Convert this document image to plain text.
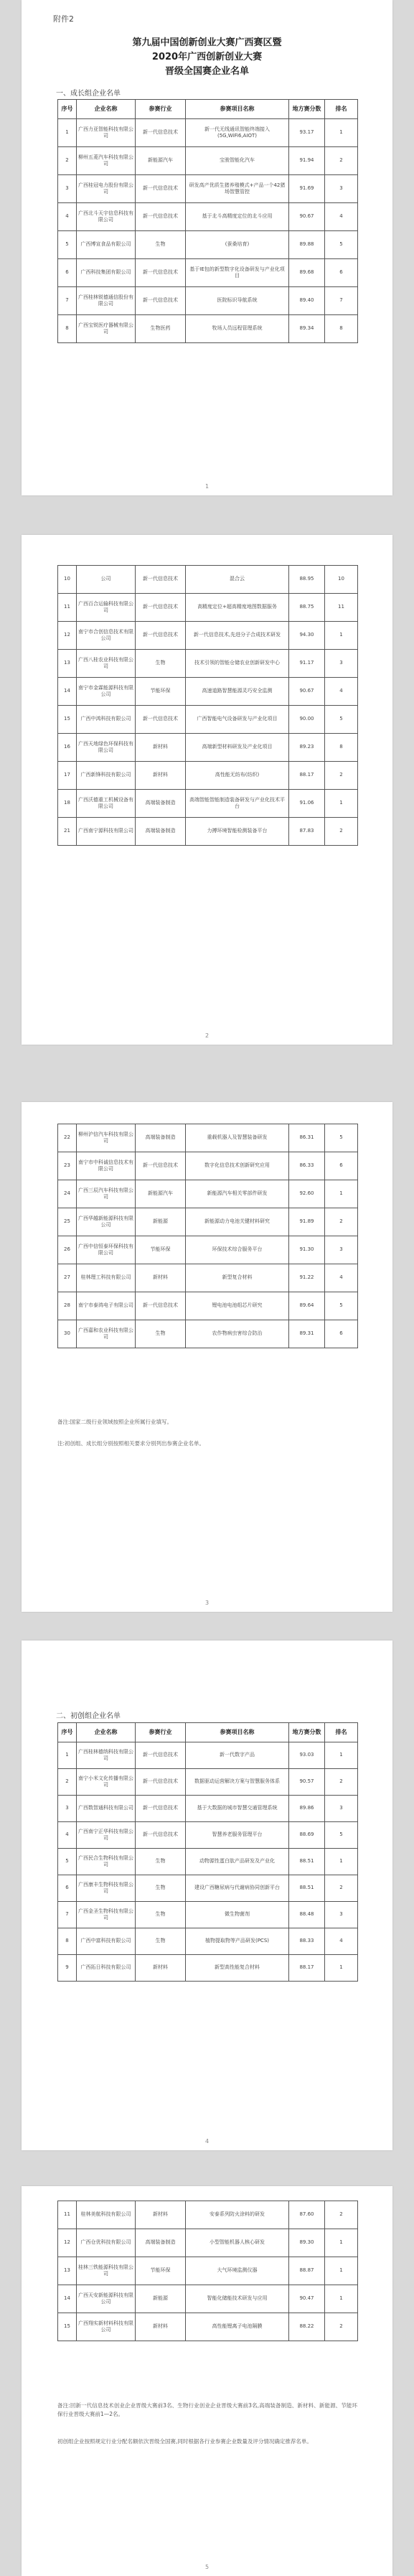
附件2
第九届中国创新创业大赛广西赛区暨
2020年广西创新创业大赛
晋级全国赛企业名单
一、成长组企业名单
序号	企业名称	参赛行业	参赛项目名称	地方赛分数	排名
1	广西力亚智能科技有限公司	新一代信息技术	新一代无线通讯智能终端接入(5G,WiFi6,AIOT)	93.17	1
2	柳州五菱汽车科技有限公司	新能源汽车	宝骏智能化汽车	91.94	2
3	广西桂冠电力股份有限公司	新一代信息技术	研发高产优质生猪养殖模式+产品一个42猪场智慧管控	91.69	3
4	广西北斗天宇信息科技有限公司	新一代信息技术	基于北斗高精度定位的北斗应用	90.67	4
5	广西博宣食品有限公司	生物	(蚕桑培育)	89.88	5
6	广西科技集团有限公司	新一代信息技术	基于IE包的新型数字化设备研发与产业化项目	89.68	6
7	广西桂林锐德通信股份有限公司	新一代信息技术	医院标识导航系统	89.40	7
8	广西宝锐医疗器械有限公司	生物医药	牧场人员远程管理系统	89.34	8
1
10	公司	新一代信息技术	混合云	88.95	10
11	广西百合运输科技有限公司	新一代信息技术	高精度定位+超高精度地图数据服务	88.75	11
12	南宁市合创信息技术有限公司	新一代信息技术	新一代信息技术,先进分子合成技术研发	94.30	1
13	广西八桂农业科技有限公司	生物	技术引领的智能仓储农业创新研发中心	91.17	3
14	南宁市金霖能源科技有限公司	节能环保	高速道路智慧能源灵巧安全监测	90.67	4
15	广西中鸿科技有限公司	新一代信息技术	广西智能电气设备研发与产业化项目	90.00	5
16	广西天地绿色环保科技有限公司	新材料	高端新型材料研发及产业化项目	89.23	8
17	广西新锋科技有限公司	新材料	高性能无纺布(纺织)	88.17	2
18	广西沃德重工机械设备有限公司	高端装备制造	高端智能智能制造装备研发与产业化技术平台	91.06	1
21	广西南宁源科技有限公司	高端装备制造	力搏环境智能检测装备平台	87.83	2
2
22	柳州沪信汽车科技有限公司	高端装备制造	重载机器人及智慧装备研发	86.31	5
23	南宁市中科诚信息技术有限公司	新一代信息技术	数字化信息技术创新研究应用	86.33	6
24	广西三辰汽车科技有限公司	新能源汽车	新能源汽车相关零部件研发	92.60	1
25	广西华越新能源科技有限公司	新能源	新能源动力电池关键材料研究	91.89	2
26	广西中信恒泰环保科技有限公司	节能环保	环保技术综合服务平台	91.30	3
27	桂林理工科技有限公司	新材料	新型复合材料	91.22	4
28	南宁市泰鸿电子有限公司	新一代信息技术	锂电池电池组芯片研究	89.64	5
30	广西嘉和农业科技有限公司	生物	农作物病虫害综合防治	89.31	6
备注:国家二级行业领域按照企业所属行业填写。
注:初创组、成长组分别按照相关要求分别列出参赛企业名单。
3
二、初创组企业名单
序号	企业名称	参赛行业	参赛项目名称	地方赛分数	排名
1	广西桂林德纳科技有限公司	新一代信息技术	新一代数字产品	93.03	1
2	南宁小米文化传播有限公司	新一代信息技术	数据驱动运营解决方案与智慧服务体系	90.57	2
3	广西数智通科技有限公司	新一代信息技术	基于大数据的城市智慧交通管理系统	89.86	3
4	广西南宁正华科技有限公司	新一代信息技术	智慧养老服务管理平台	88.69	5
5	广西民合生物科技有限公司	生物	动物源性蛋白肽产品研发及产业化	88.51	1
6	广西康丰生物科技有限公司	生物	建设广西糖尿病与代谢病协同创新平台	88.51	2
7	广西金圣生物科技有限公司	生物	微生物菌剂	88.48	3
8	广西中富科技有限公司	生物	植物提取物等产品研发(PCS)	88.33	4
9	广西拓日科技有限公司	新材料	新型高性能复合材料	88.17	1
4
11	桂林美航科技有限公司	新材料	安泰系列防火涂料的研发	87.60	2
12	广西仓优科技有限公司	高端装备制造	小型智能机器人核心研发	89.30	1
13	桂林三铁能源科技有限公司	节能环保	大气环境监测仪器	88.87	1
14	广西天安新能源科技有限公司	新能源	智能化储能技术研发与应用	90.47	1
15	广西翔实新材料科技有限公司	新材料	高性能锂离子电池隔膜	88.22	2
备注:回新一代信息技术创业企业晋级大赛前3名、生物行业创业企业晋级大赛前3名,高端装备制造、新材料、新能源、节能环保行业晋级大赛前1—2名。
初创组企业按照规定行业分配名额依次晋级全国赛,同时根据各行业参赛企业数量及评分情况确定推荐名单。
5
